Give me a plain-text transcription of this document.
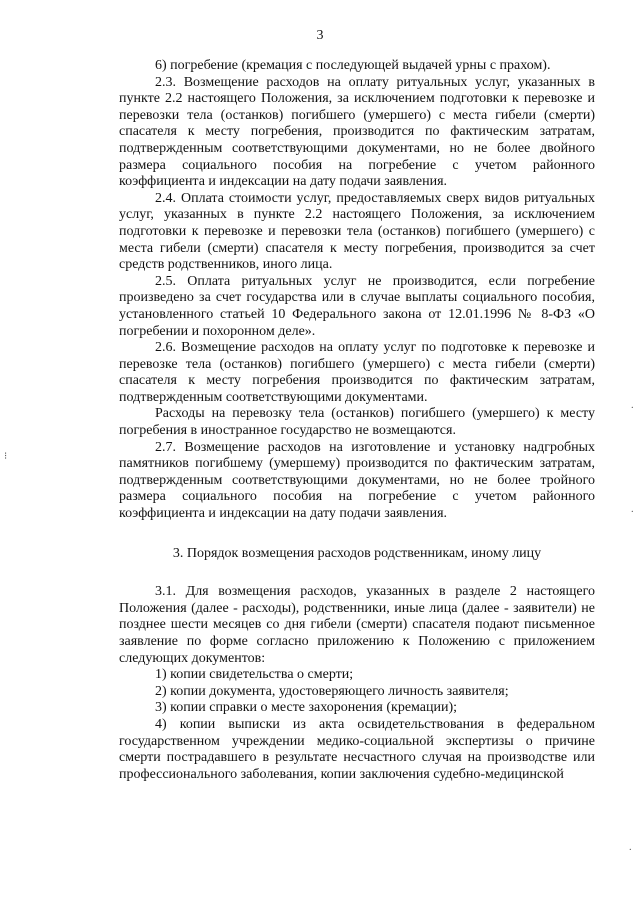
3

6) погребение (кремация с последующей выдачей урны с прахом).

2.3. Возмещение расходов на оплату ритуальных услуг, указанных в пункте 2.2 настоящего Положения, за исключением подготовки к перевозке и перевозки тела (останков) погибшего (умершего) с места гибели (смерти) спасателя к месту погребения, производится по фактическим затратам, подтвержденным соответствующими документами, но не более двойного размера социального пособия на погребение с учетом районного коэффициента и индексации на дату подачи заявления.

2.4. Оплата стоимости услуг, предоставляемых сверх видов ритуальных услуг, указанных в пункте 2.2 настоящего Положения, за исключением подготовки к перевозке и перевозки тела (останков) погибшего (умершего) с места гибели (смерти) спасателя к месту погребения, производится за счет средств родственников, иного лица.

2.5. Оплата ритуальных услуг не производится, если погребение произведено за счет государства или в случае выплаты социального пособия, установленного статьей 10 Федерального закона от 12.01.1996 № 8-ФЗ «О погребении и похоронном деле».

2.6. Возмещение расходов на оплату услуг по подготовке к перевозке и перевозке тела (останков) погибшего (умершего) с места гибели (смерти) спасателя к месту погребения производится по фактическим затратам, подтвержденным соответствующими документами.

Расходы на перевозку тела (останков) погибшего (умершего) к месту погребения в иностранное государство не возмещаются.

2.7. Возмещение расходов на изготовление и установку надгробных памятников погибшему (умершему) производится по фактическим затратам, подтвержденным соответствующими документами, но не более тройного размера социального пособия на погребение с учетом районного коэффициента и индексации на дату подачи заявления.

3. Порядок возмещения расходов родственникам, иному лицу

3.1. Для возмещения расходов, указанных в разделе 2 настоящего Положения (далее - расходы), родственники, иные лица (далее - заявители) не позднее шести месяцев со дня гибели (смерти) спасателя подают письменное заявление по форме согласно приложению к Положению с приложением следующих документов:

1) копии свидетельства о смерти;

2) копии документа, удостоверяющего личность заявителя;

3) копии справки о месте захоронения (кремации);

4) копии выписки из акта освидетельствования в федеральном государственном учреждении медико-социальной экспертизы о причине смерти пострадавшего в результате несчастного случая на производстве или профессионального заболевания, копии заключения судебно-медицинской

⁝
·
·
·
